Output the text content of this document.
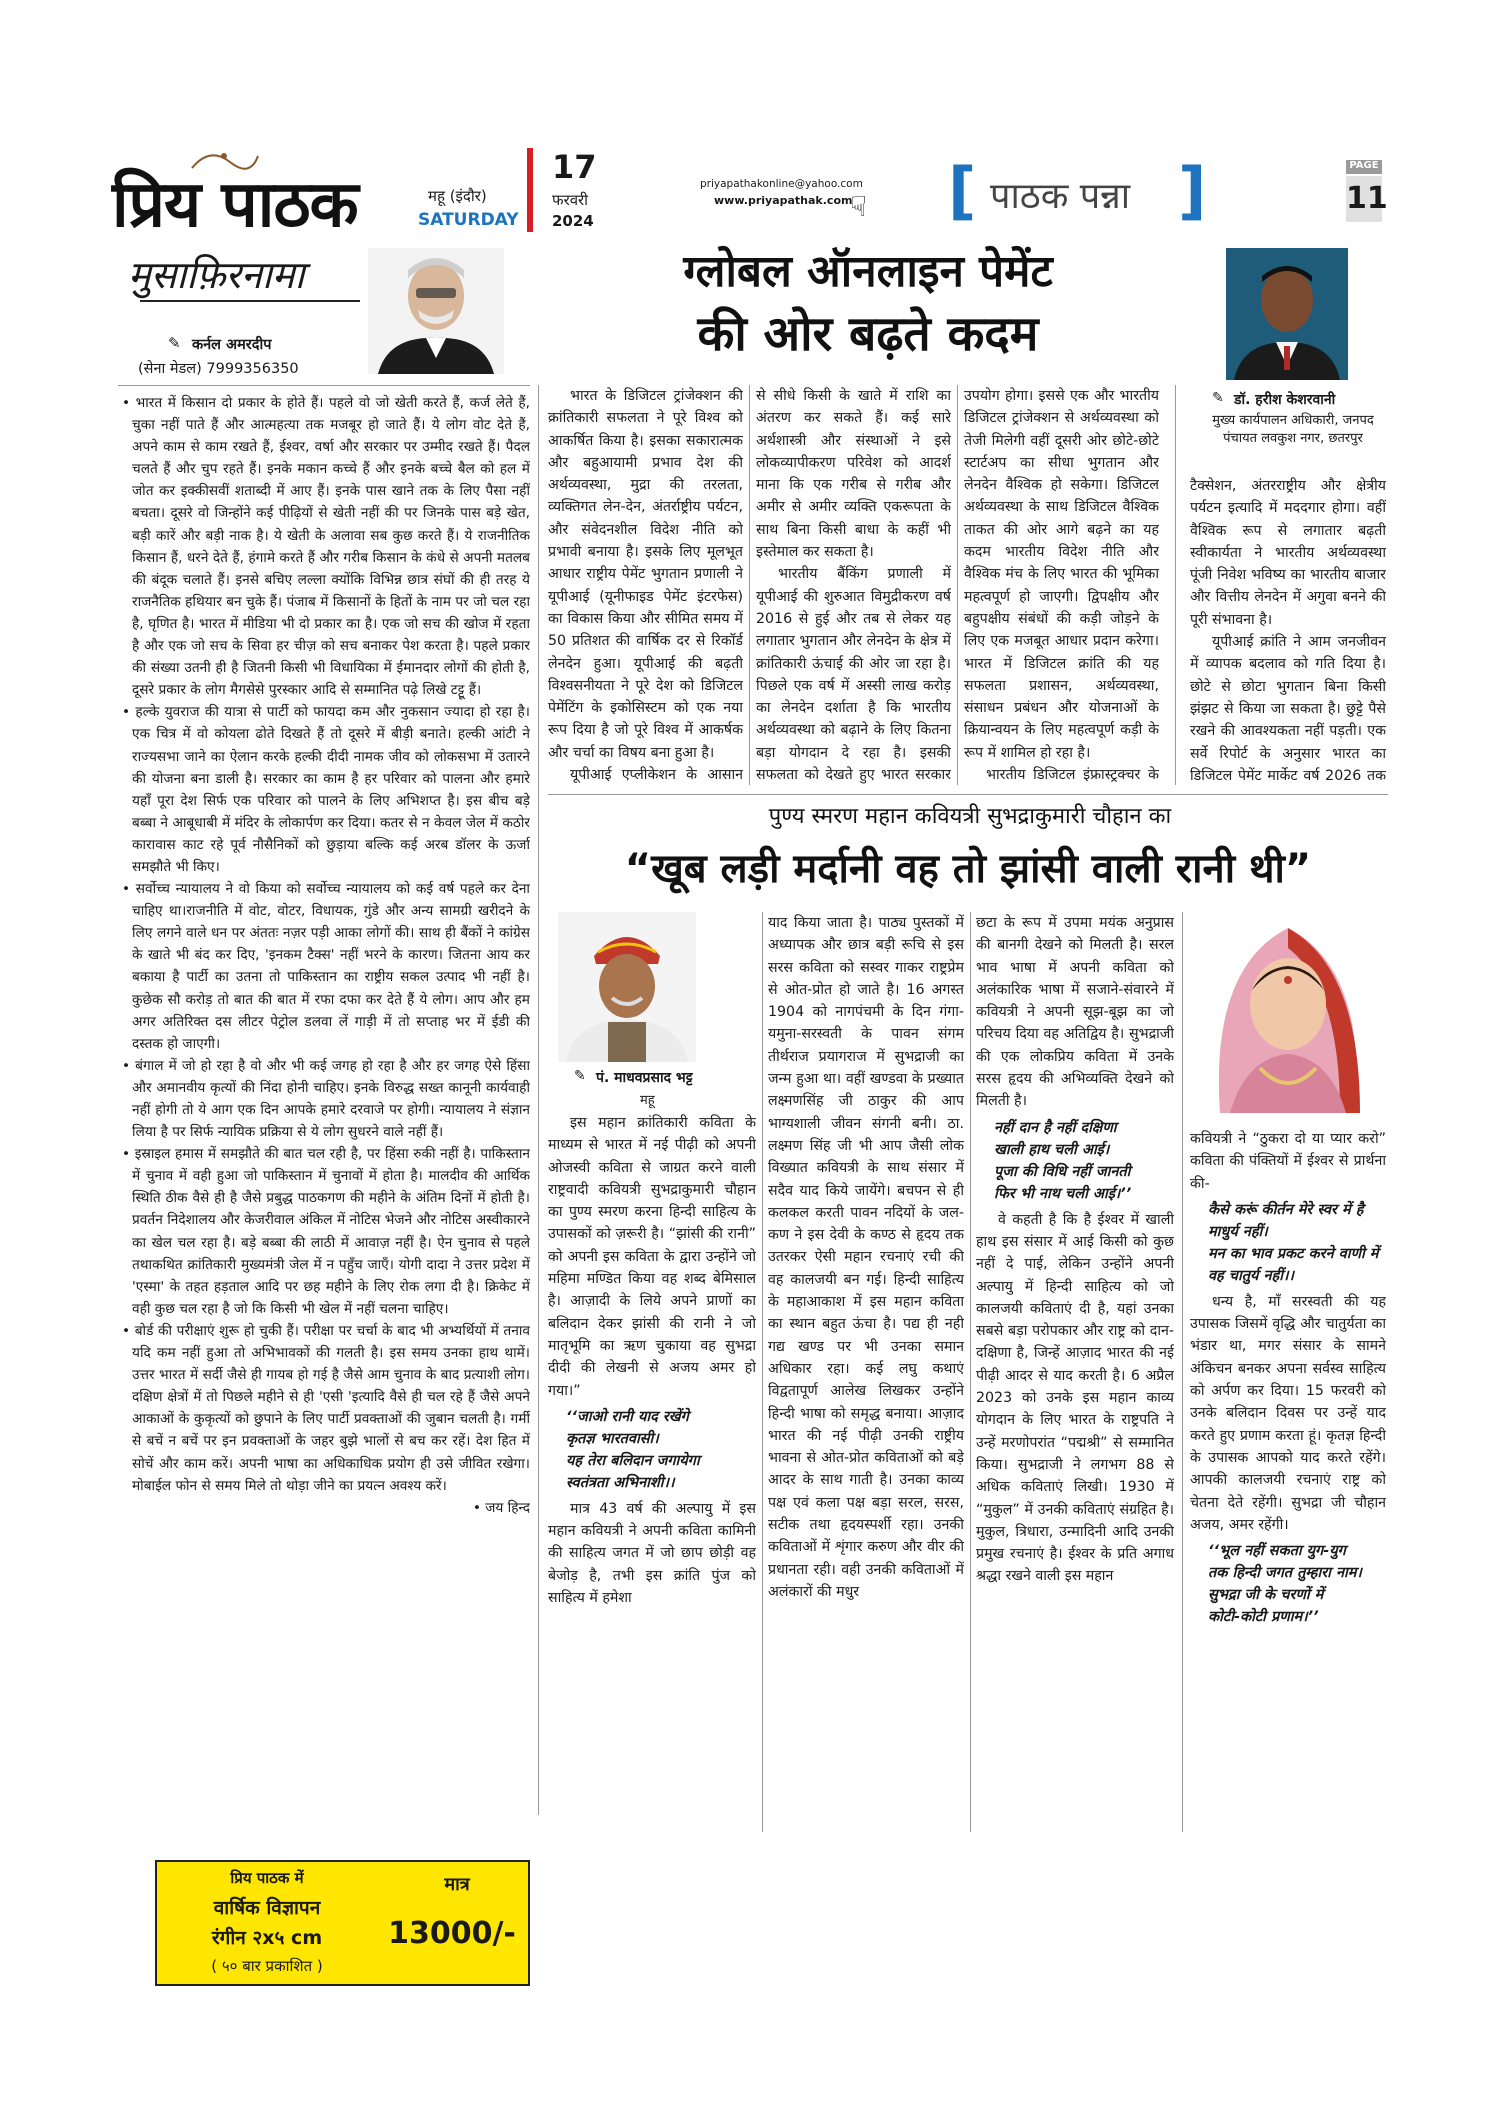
प्रिय पाठक	महू (इंदौर)
SATURDAY
17
फरवरी
2024
priyapathakonline@yahoo.com
www.priyapathak.com
☟ [ पाठक पन्ना ]	PAGE
11
मुसाफ़िरनामा
✎ कर्नल अमरदीप
(सेना मेडल) 7999356350

• भारत में किसान दो प्रकार के होते हैं। पहले वो जो खेती करते हैं, कर्ज लेते हैं, चुका नहीं पाते हैं और आत्महत्या तक मजबूर हो जाते हैं। ये लोग वोट देते हैं, अपने काम से काम रखते हैं, ईश्वर, वर्षा और सरकार पर उम्मीद रखते हैं। पैदल चलते हैं और चुप रहते हैं। इनके मकान कच्चे हैं और इनके बच्चे बैल को हल में जोत कर इक्कीसवीं शताब्दी में आए हैं। इनके पास खाने तक के लिए पैसा नहीं बचता। दूसरे वो जिन्होंने कई पीढ़ियों से खेती नहीं की पर जिनके पास बड़े खेत, बड़ी कारें और बड़ी नाक है। ये खेती के अलावा सब कुछ करते हैं। ये राजनीतिक किसान हैं, धरने देते हैं, हंगामे करते हैं और गरीब किसान के कंधे से अपनी मतलब की बंदूक चलाते हैं। इनसे बचिए लल्ला क्योंकि विभिन्न छात्र संघों की ही तरह ये राजनैतिक हथियार बन चुके हैं। पंजाब में किसानों के हितों के नाम पर जो चल रहा है, घृणित है। भारत में मीडिया भी दो प्रकार का है। एक जो सच की खोज में रहता है और एक जो सच के सिवा हर चीज़ को सच बनाकर पेश करता है। पहले प्रकार की संख्या उतनी ही है जितनी किसी भी विधायिका में ईमानदार लोगों की होती है, दूसरे प्रकार के लोग मैगसेसे पुरस्कार आदि से सम्मानित पढ़े लिखे टट्टू हैं।

• हल्के युवराज की यात्रा से पार्टी को फायदा कम और नुकसान ज्यादा हो रहा है। एक चित्र में वो कोयला ढोते दिखते हैं तो दूसरे में बीड़ी बनाते। हल्की आंटी ने राज्यसभा जाने का ऐलान करके हल्की दीदी नामक जीव को लोकसभा में उतारने की योजना बना डाली है। सरकार का काम है हर परिवार को पालना और हमारे यहाँ पूरा देश सिर्फ एक परिवार को पालने के लिए अभिशप्त है। इस बीच बड़े बब्बा ने आबूधाबी में मंदिर के लोकार्पण कर दिया। कतर से न केवल जेल में कठोर कारावास काट रहे पूर्व नौसैनिकों को छुड़ाया बल्कि कई अरब डॉलर के ऊर्जा समझौते भी किए।

• सर्वोच्च न्यायालय ने वो किया को सर्वोच्च न्यायालय को कई वर्ष पहले कर देना चाहिए था।राजनीति में वोट, वोटर, विधायक, गुंडे और अन्य सामग्री खरीदने के लिए लगने वाले धन पर अंततः नज़र पड़ी आका लोगों की। साथ ही बैंकों ने कांग्रेस के खाते भी बंद कर दिए, 'इनकम टैक्स' नहीं भरने के कारण। जितना आय कर बकाया है पार्टी का उतना तो पाकिस्तान का राष्ट्रीय सकल उत्पाद भी नहीं है। कुछेक सौ करोड़ तो बात की बात में रफा दफा कर देते हैं ये लोग। आप और हम अगर अतिरिक्त दस लीटर पेट्रोल डलवा लें गाड़ी में तो सप्ताह भर में ईडी की दस्तक हो जाएगी।

• बंगाल में जो हो रहा है वो और भी कई जगह हो रहा है और हर जगह ऐसे हिंसा और अमानवीय कृत्यों की निंदा होनी चाहिए। इनके विरुद्ध सख्त कानूनी कार्यवाही नहीं होगी तो ये आग एक दिन आपके हमारे दरवाजे पर होगी। न्यायालय ने संज्ञान लिया है पर सिर्फ न्यायिक प्रक्रिया से ये लोग सुधरने वाले नहीं हैं।

• इस्राइल हमास में समझौते की बात चल रही है, पर हिंसा रुकी नहीं है। पाकिस्तान में चुनाव में वही हुआ जो पाकिस्तान में चुनावों में होता है। मालदीव की आर्थिक स्थिति ठीक वैसे ही है जैसे प्रबुद्ध पाठकगण की महीने के अंतिम दिनों में होती है। प्रवर्तन निदेशालय और केजरीवाल अंकिल में नोटिस भेजने और नोटिस अस्वीकारने का खेल चल रहा है। बड़े बब्बा की लाठी में आवाज़ नहीं है। ऐन चुनाव से पहले तथाकथित क्रांतिकारी मुख्यमंत्री जेल में न पहुँच जाएँ। योगी दादा ने उत्तर प्रदेश में 'एस्मा' के तहत हड़ताल आदि पर छह महीने के लिए रोक लगा दी है। क्रिकेट में वही कुछ चल रहा है जो कि किसी भी खेल में नहीं चलना चाहिए।

• बोर्ड की परीक्षाएं शुरू हो चुकी हैं। परीक्षा पर चर्चा के बाद भी अभ्यर्थियों में तनाव यदि कम नहीं हुआ तो अभिभावकों की गलती है। इस समय उनका हाथ थामें। उत्तर भारत में सर्दी जैसे ही गायब हो गई है जैसे आम चुनाव के बाद प्रत्याशी लोग। दक्षिण क्षेत्रों में तो पिछले महीने से ही 'एसी 'इत्यादि वैसे ही चल रहे हैं जैसे अपने आकाओं के कुकृत्यों को छुपाने के लिए पार्टी प्रवक्ताओं की जुबान चलती है। गर्मी से बचें न बचें पर इन प्रवक्ताओं के जहर बुझे भालों से बच कर रहें। देश हित में सोचें और काम करें। अपनी भाषा का अधिकाधिक प्रयोग ही उसे जीवित रखेगा। मोबाईल फोन से समय मिले तो थोड़ा जीने का प्रयत्न अवश्य करें।

• जय हिन्द

प्रिय पाठक में
वार्षिक विज्ञापन
रंगीन २x५ cm
( ५० बार प्रकाशित )
मात्र
13000/-
ग्लोबल ऑनलाइन पेमेंट
की ओर बढ़ते कदम
✎ डॉ. हरीश केशरवानी
मुख्य कार्यपालन अधिकारी, जनपद पंचायत लवकुश नगर, छतरपुर

भारत के डिजिटल ट्रांजेक्शन की क्रांतिकारी सफलता ने पूरे विश्व को आकर्षित किया है। इसका सकारात्मक और बहुआयामी प्रभाव देश की अर्थव्यवस्था, मुद्रा की तरलता, व्यक्तिगत लेन-देन, अंतर्राष्ट्रीय पर्यटन, और संवेदनशील विदेश नीति को प्रभावी बनाया है। इसके लिए मूलभूत आधार राष्ट्रीय पेमेंट भुगतान प्रणाली ने यूपीआई (यूनीफाइड पेमेंट इंटरफेस) का विकास किया और सीमित समय में 50 प्रतिशत की वार्षिक दर से रिकॉर्ड लेनदेन हुआ। यूपीआई की बढ़ती विश्वसनीयता ने पूरे देश को डिजिटल पेमेंटिंग के इकोसिस्टम को एक नया रूप दिया है जो पूरे विश्व में आकर्षक और चर्चा का विषय बना हुआ है।

यूपीआई एप्लीकेशन के आसान

से सीधे किसी के खाते में राशि का अंतरण कर सकते हैं। कई सारे अर्थशास्त्री और संस्थाओं ने इसे लोकव्यापीकरण परिवेश को आदर्श माना कि एक गरीब से गरीब और अमीर से अमीर व्यक्ति एकरूपता के साथ बिना किसी बाधा के कहीं भी इस्तेमाल कर सकता है।

भारतीय बैंकिंग प्रणाली में यूपीआई की शुरुआत विमुद्रीकरण वर्ष 2016 से हुई और तब से लेकर यह लगातार भुगतान और लेनदेन के क्षेत्र में क्रांतिकारी ऊंचाई की ओर जा रहा है। पिछले एक वर्ष में अस्सी लाख करोड़ का लेनदेन दर्शाता है कि भारतीय अर्थव्यवस्था को बढ़ाने के लिए कितना बड़ा योगदान दे रहा है। इसकी सफलता को देखते हुए भारत सरकार

उपयोग होगा। इससे एक और भारतीय डिजिटल ट्रांजेक्शन से अर्थव्यवस्था को तेजी मिलेगी वहीं दूसरी ओर छोटे-छोटे स्टार्टअप का सीधा भुगतान और लेनदेन वैश्विक हो सकेगा। डिजिटल अर्थव्यवस्था के साथ डिजिटल वैश्विक ताकत की ओर आगे बढ़ने का यह कदम भारतीय विदेश नीति और वैश्विक मंच के लिए भारत की भूमिका महत्वपूर्ण हो जाएगी। द्विपक्षीय और बहुपक्षीय संबंधों की कड़ी जोड़ने के लिए एक मजबूत आधार प्रदान करेगा। भारत में डिजिटल क्रांति की यह सफलता प्रशासन, अर्थव्यवस्था, संसाधन प्रबंधन और योजनाओं के क्रियान्वयन के लिए महत्वपूर्ण कड़ी के रूप में शामिल हो रहा है।

भारतीय डिजिटल इंफ्रास्ट्रक्चर के

टैक्सेशन, अंतरराष्ट्रीय और क्षेत्रीय पर्यटन इत्यादि में मददगार होगा। वहीं वैश्विक रूप से लगातार बढ़ती स्वीकार्यता ने भारतीय अर्थव्यवस्था पूंजी निवेश भविष्य का भारतीय बाजार और वित्तीय लेनदेन में अगुवा बनने की पूरी संभावना है।

यूपीआई क्रांति ने आम जनजीवन में व्यापक बदलाव को गति दिया है। छोटे से छोटा भुगतान बिना किसी झंझट से किया जा सकता है। छुट्टे पैसे रखने की आवश्यकता नहीं पड़ती। एक सर्वे रिपोर्ट के अनुसार भारत का डिजिटल पेमेंट मार्केट वर्ष 2026 तक

पुण्य स्मरण महान कवियत्री सुभद्राकुमारी चौहान का
“खूब लड़ी मर्दानी वह तो झांसी वाली रानी थी”
✎ पं. माधवप्रसाद भट्ट
महू

इस महान क्रांतिकारी कविता के माध्यम से भारत में नई पीढ़ी को अपनी ओजस्वी कविता से जाग्रत करने वाली राष्ट्रवादी कवियत्री सुभद्राकुमारी चौहान का पुण्य स्मरण करना हिन्दी साहित्य के उपासकों को ज़रूरी है। “झांसी की रानी” को अपनी इस कविता के द्वारा उन्होंने जो महिमा मण्डित किया वह शब्द बेमिसाल है। आज़ादी के लिये अपने प्राणों का बलिदान देकर झांसी की रानी ने जो मातृभूमि का ऋण चुकाया वह सुभद्रा दीदी की लेखनी से अजय अमर हो गया।”

‘‘जाओ रानी याद रखेंगे

कृतज्ञ भारतवासी।

यह तेरा बलिदान जगायेगा

स्वतंत्रता अभिनाशी।।

मात्र 43 वर्ष की अल्पायु में इस महान कवियत्री ने अपनी कविता कामिनी की साहित्य जगत में जो छाप छोड़ी वह बेजोड़ है, तभी इस क्रांति पुंज को साहित्य में हमेशा

याद किया जाता है। पाठ्य पुस्तकों में अध्यापक और छात्र बड़ी रूचि से इस सरस कविता को सस्वर गाकर राष्ट्रप्रेम से ओत-प्रोत हो जाते है। 16 अगस्त 1904 को नागपंचमी के दिन गंगा-यमुना-सरस्वती के पावन संगम तीर्थराज प्रयागराज में सुभद्राजी का जन्म हुआ था। वहीं खण्डवा के प्रख्यात लक्ष्मणसिंह जी ठाकुर की आप भाग्यशाली जीवन संगनी बनी। ठा. लक्ष्मण सिंह जी भी आप जैसी लोक विख्यात कवियत्री के साथ संसार में सदैव याद किये जायेंगे। बचपन से ही कलकल करती पावन नदियों के जल-कण ने इस देवी के कण्ठ से हृदय तक उतरकर ऐसी महान रचनाएं रची की वह कालजयी बन गई। हिन्दी साहित्य के महाआकाश में इस महान कविता का स्थान बहुत ऊंचा है। पद्य ही नही गद्य खण्ड पर भी उनका समान अधिकार रहा। कई लघु कथाएं विद्वतापूर्ण आलेख लिखकर उन्होंने हिन्दी भाषा को समृद्ध बनाया। आज़ाद भारत की नई पीढ़ी उनकी राष्ट्रीय भावना से ओत-प्रोत कविताओं को बड़े आदर के साथ गाती है। उनका काव्य पक्ष एवं कला पक्ष बड़ा सरल, सरस, सटीक तथा हृदयस्पर्शी रहा। उनकी कविताओं में शृंगार करुण और वीर की प्रधानता रही। वही उनकी कविताओं में अलंकारों की मधुर

छटा के रूप में उपमा मयंक अनुप्रास की बानगी देखने को मिलती है। सरल भाव भाषा में अपनी कविता को अलंकारिक भाषा में सजाने-संवारने में कवियत्री ने अपनी सूझ-बूझ का जो परिचय दिया वह अतिद्विय है। सुभद्राजी की एक लोकप्रिय कविता में उनके सरस हृदय की अभिव्यक्ति देखने को मिलती है।

नहीं दान है नहीं दक्षिणा

खाली हाथ चली आई।

पूजा की विधि नहीं जानती

फिर भी नाथ चली आई।’’

वे कहती है कि है ईश्वर में खाली हाथ इस संसार में आई किसी को कुछ नहीं दे पाई, लेकिन उन्होंने अपनी अल्पायु में हिन्दी साहित्य को जो कालजयी कविताएं दी है, यहां उनका सबसे बड़ा परोपकार और राष्ट्र को दान-दक्षिणा है, जिन्हें आज़ाद भारत की नई पीढ़ी आदर से याद करती है। 6 अप्रैल 2023 को उनके इस महान काव्य योगदान के लिए भारत के राष्ट्रपति ने उन्हें मरणोपरांत “पद्मश्री” से सम्मानित किया। सुभद्राजी ने लगभग 88 से अधिक कविताएं लिखी। 1930 में “मुकुल” में उनकी कविताएं संग्रहित है। मुकुल, त्रिधारा, उन्मादिनी आदि उनकी प्रमुख रचनाएं है। ईश्वर के प्रति अगाध श्रद्धा रखने वाली इस महान

कवियत्री ने “ठुकरा दो या प्यार करो” कविता की पंक्तियों में ईश्वर से प्रार्थना की-

कैसे करूं कीर्तन मेरे स्वर में है माधुर्य नहीं।

मन का भाव प्रकट करने वाणी में वह चातुर्य नहीं।।

धन्य है, माँ सरस्वती की यह उपासक जिसमें वृद्धि और चातुर्यता का भंडार था, मगर संसार के सामने अंकिचन बनकर अपना सर्वस्व साहित्य को अर्पण कर दिया। 15 फरवरी को उनके बलिदान दिवस पर उन्हें याद करते हुए प्रणाम करता हूं। कृतज्ञ हिन्दी के उपासक आपको याद करते रहेंगे। आपकी कालजयी रचनाएं राष्ट्र को चेतना देते रहेंगी। सुभद्रा जी चौहान अजय, अमर रहेंगी।

‘‘भूल नहीं सकता युग-युग

तक हिन्दी जगत तुम्हारा नाम।

सुभद्रा जी के चरणों में

कोटी-कोटी प्रणाम।’’
